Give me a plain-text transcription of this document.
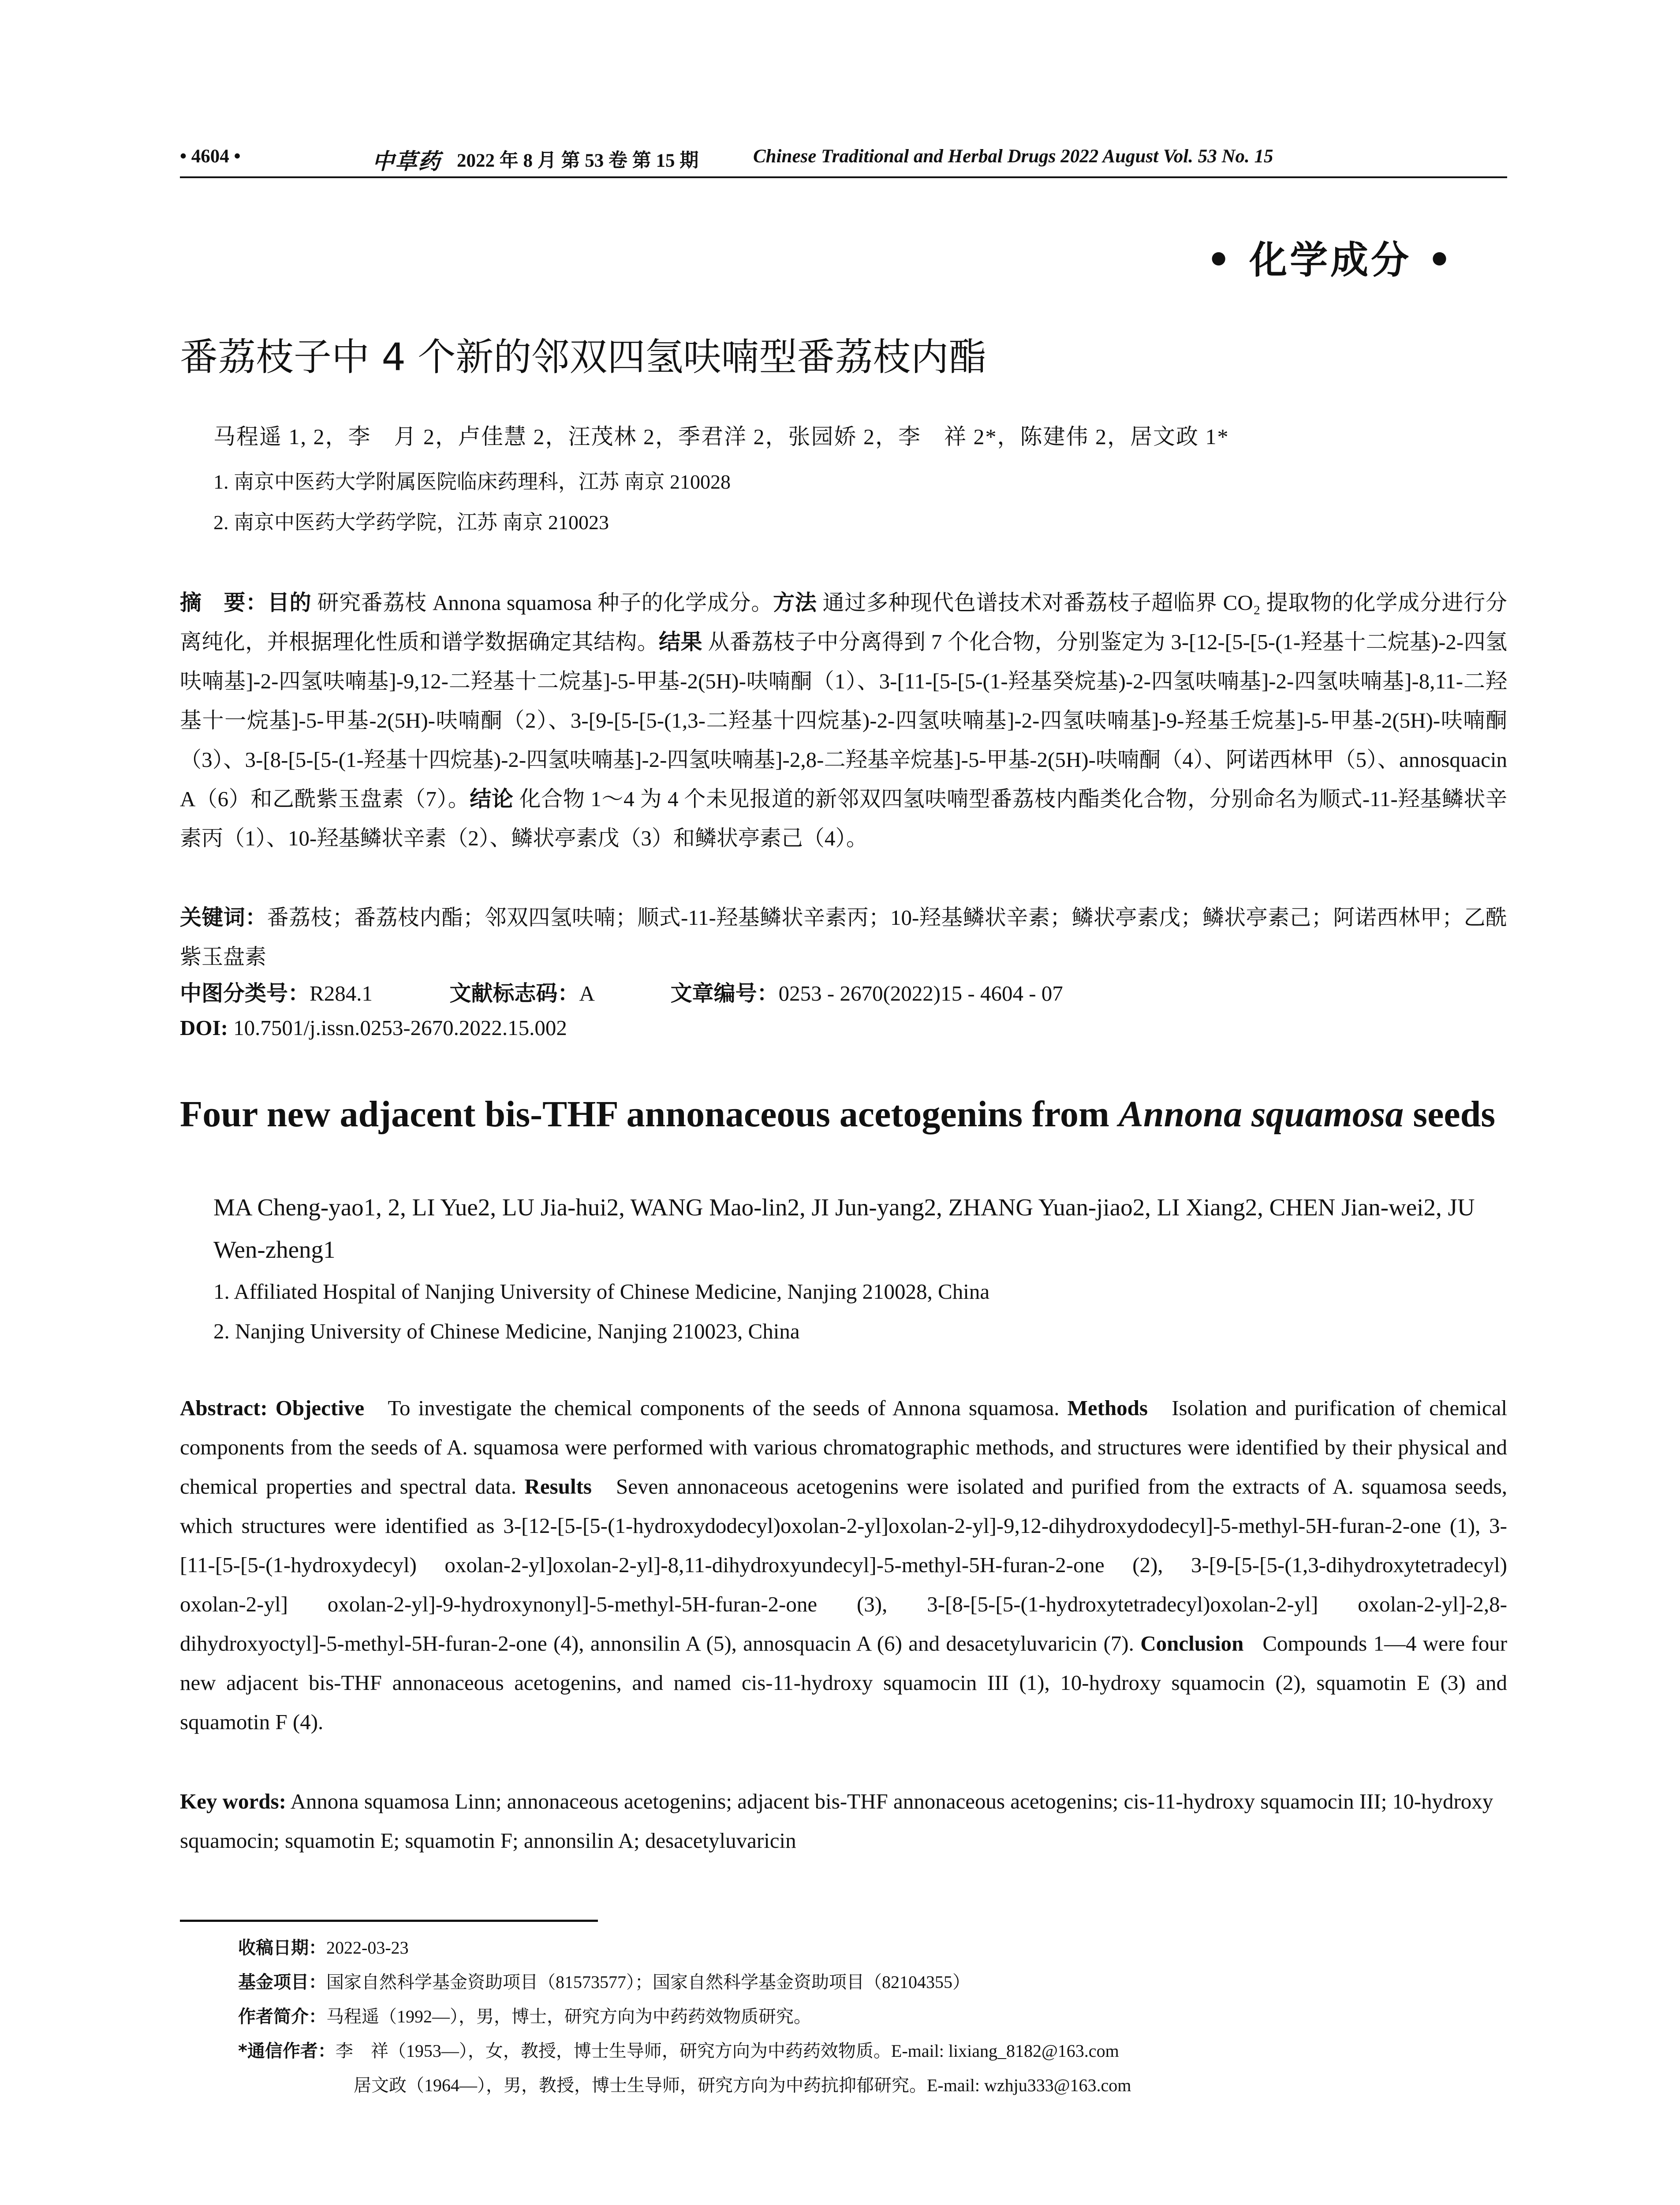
• 4604 •	中草药 2022 年 8 月 第 53 卷 第 15 期	Chinese Traditional and Herbal Drugs 2022 August Vol. 53 No. 15
• 化学成分 •
番荔枝子中 4 个新的邻双四氢呋喃型番荔枝内酯
马程遥 1, 2，李　月 2，卢佳慧 2，汪茂林 2，季君洋 2，张园娇 2，李　祥 2*，陈建伟 2，居文政 1*
1. 南京中医药大学附属医院临床药理科，江苏 南京 210028
2. 南京中医药大学药学院，江苏 南京 210023
摘　要：目的 研究番荔枝 Annona squamosa 种子的化学成分。方法 通过多种现代色谱技术对番荔枝子超临界 CO₂ 提取物的化学成分进行分离纯化，并根据理化性质和谱学数据确定其结构。结果 从番荔枝子中分离得到 7 个化合物，分别鉴定为 3-[12-[5-[5-(1-羟基十二烷基)-2-四氢呋喃基]-2-四氢呋喃基]-9,12-二羟基十二烷基]-5-甲基-2(5H)-呋喃酮（1）、3-[11-[5-[5-(1-羟基癸烷基)-2-四氢呋喃基]-2-四氢呋喃基]-8,11-二羟基十一烷基]-5-甲基-2(5H)-呋喃酮（2）、3-[9-[5-[5-(1,3-二羟基十四烷基)-2-四氢呋喃基]-2-四氢呋喃基]-9-羟基壬烷基]-5-甲基-2(5H)-呋喃酮（3）、3-[8-[5-[5-(1-羟基十四烷基)-2-四氢呋喃基]-2-四氢呋喃基]-2,8-二羟基辛烷基]-5-甲基-2(5H)-呋喃酮（4）、阿诺西林甲（5）、annosquacin A（6）和乙酰紫玉盘素（7）。结论 化合物 1～4 为 4 个未见报道的新邻双四氢呋喃型番荔枝内酯类化合物，分别命名为顺式-11-羟基鳞状辛素丙（1）、10-羟基鳞状辛素（2）、鳞状亭素戊（3）和鳞状亭素己（4）。
关键词：番荔枝；番荔枝内酯；邻双四氢呋喃；顺式-11-羟基鳞状辛素丙；10-羟基鳞状辛素；鳞状亭素戊；鳞状亭素己；阿诺西林甲；乙酰紫玉盘素
中图分类号：R284.1	文献标志码：A	文章编号：0253 - 2670(2022)15 - 4604 - 07
DOI: 10.7501/j.issn.0253-2670.2022.15.002
Four new adjacent bis-THF annonaceous acetogenins from Annona squamosa seeds
MA Cheng-yao1, 2, LI Yue2, LU Jia-hui2, WANG Mao-lin2, JI Jun-yang2, ZHANG Yuan-jiao2, LI Xiang2, CHEN Jian-wei2, JU Wen-zheng1
1. Affiliated Hospital of Nanjing University of Chinese Medicine, Nanjing 210028, China
2. Nanjing University of Chinese Medicine, Nanjing 210023, China
Abstract: Objective To investigate the chemical components of the seeds of Annona squamosa. Methods Isolation and purification of chemical components from the seeds of A. squamosa were performed with various chromatographic methods, and structures were identified by their physical and chemical properties and spectral data. Results Seven annonaceous acetogenins were isolated and purified from the extracts of A. squamosa seeds, which structures were identified as 3-[12-[5-[5-(1-hydroxydodecyl)oxolan-2-yl]oxolan-2-yl]-9,12-dihydroxydodecyl]-5-methyl-5H-furan-2-one (1), 3-[11-[5-[5-(1-hydroxydecyl) oxolan-2-yl]oxolan-2-yl]-8,11-dihydroxyundecyl]-5-methyl-5H-furan-2-one (2), 3-[9-[5-[5-(1,3-dihydroxytetradecyl) oxolan-2-yl] oxolan-2-yl]-9-hydroxynonyl]-5-methyl-5H-furan-2-one (3), 3-[8-[5-[5-(1-hydroxytetradecyl)oxolan-2-yl] oxolan-2-yl]-2,8-dihydroxyoctyl]-5-methyl-5H-furan-2-one (4), annonsilin A (5), annosquacin A (6) and desacetyluvaricin (7). Conclusion Compounds 1—4 were four new adjacent bis-THF annonaceous acetogenins, and named cis-11-hydroxy squamocin III (1), 10-hydroxy squamocin (2), squamotin E (3) and squamotin F (4).
Key words: Annona squamosa Linn; annonaceous acetogenins; adjacent bis-THF annonaceous acetogenins; cis-11-hydroxy squamocin III; 10-hydroxy squamocin; squamotin E; squamotin F; annonsilin A; desacetyluvaricin
收稿日期：2022-03-23
基金项目：国家自然科学基金资助项目（81573577）；国家自然科学基金资助项目（82104355）
作者简介：马程遥（1992—），男，博士，研究方向为中药药效物质研究。
*通信作者：李　祥（1953—），女，教授，博士生导师，研究方向为中药药效物质。E-mail: lixiang_8182@163.com
居文政（1964—），男，教授，博士生导师，研究方向为中药抗抑郁研究。E-mail: wzhju333@163.com
